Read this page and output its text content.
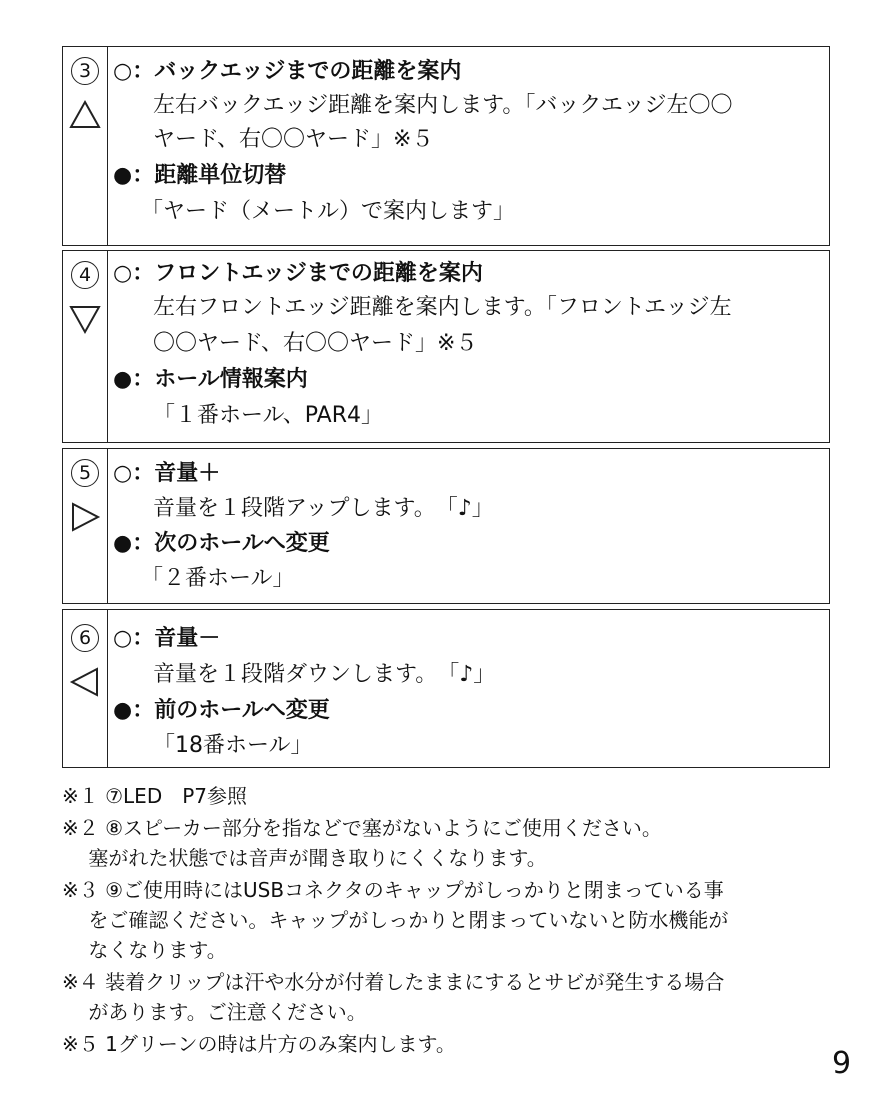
3 ○：バックエッジまでの距離を案内
左右バックエッジ距離を案内します。「バックエッジ左〇〇
ヤード、右〇〇ヤード」※５
●：距離単位切替
「ヤード（メートル）で案内します」
4 ○：フロントエッジまでの距離を案内
左右フロントエッジ距離を案内します。「フロントエッジ左
〇〇ヤード、右〇〇ヤード」※５
●：ホール情報案内
「１番ホール、PAR4」
5 ○：音量＋
音量を１段階アップします。　「♪」
●：次のホールへ変更
「２番ホール」
6 ○：音量－
音量を１段階ダウンします。　「♪」
●：前のホールへ変更
「18番ホール」
※１ ⑦LED　P7参照
※２ ⑧スピーカー部分を指などで塞がないようにご使用ください。
　 塞がれた状態では音声が聞き取りにくくなります。
※３ ⑨ご使用時にはUSBコネクタのキャップがしっかりと閉まっている事
　 をご確認ください。キャップがしっかりと閉まっていないと防水機能が
　 なくなります。
※４ 装着クリップは汗や水分が付着したままにするとサビが発生する場合
　 があります。ご注意ください。
※５ 1グリーンの時は片方のみ案内します。
9
